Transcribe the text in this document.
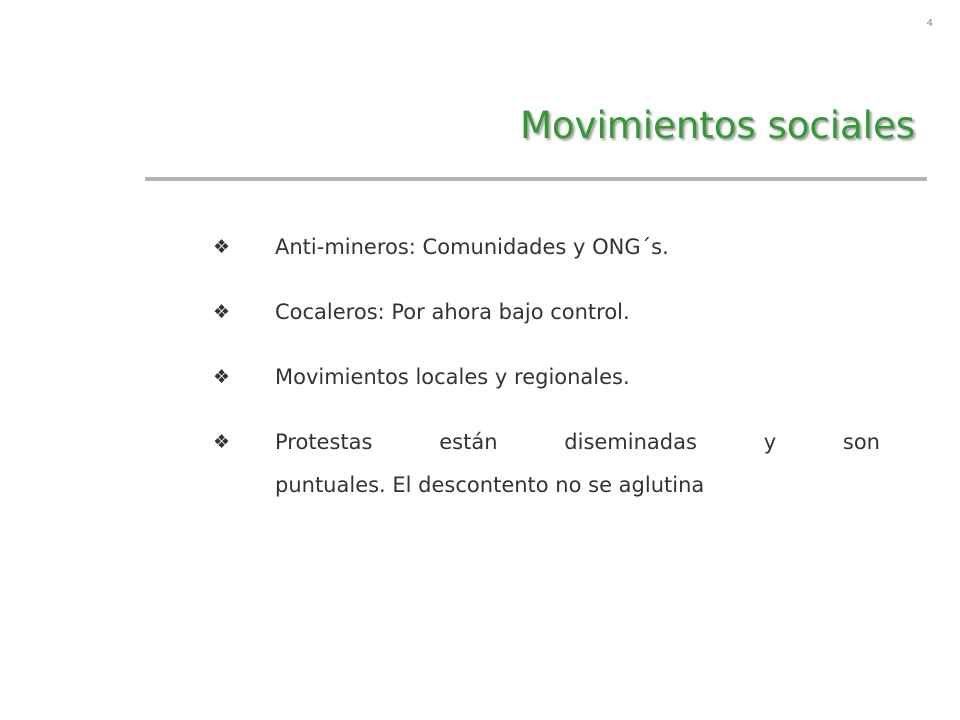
4
Movimientos sociales
❖	Anti-mineros: Comunidades y ONG´s.
❖	Cocaleros: Por ahora bajo control.
❖	Movimientos locales y regionales.
❖	Protestas están diseminadas y son
puntuales. El descontento no se aglutina
